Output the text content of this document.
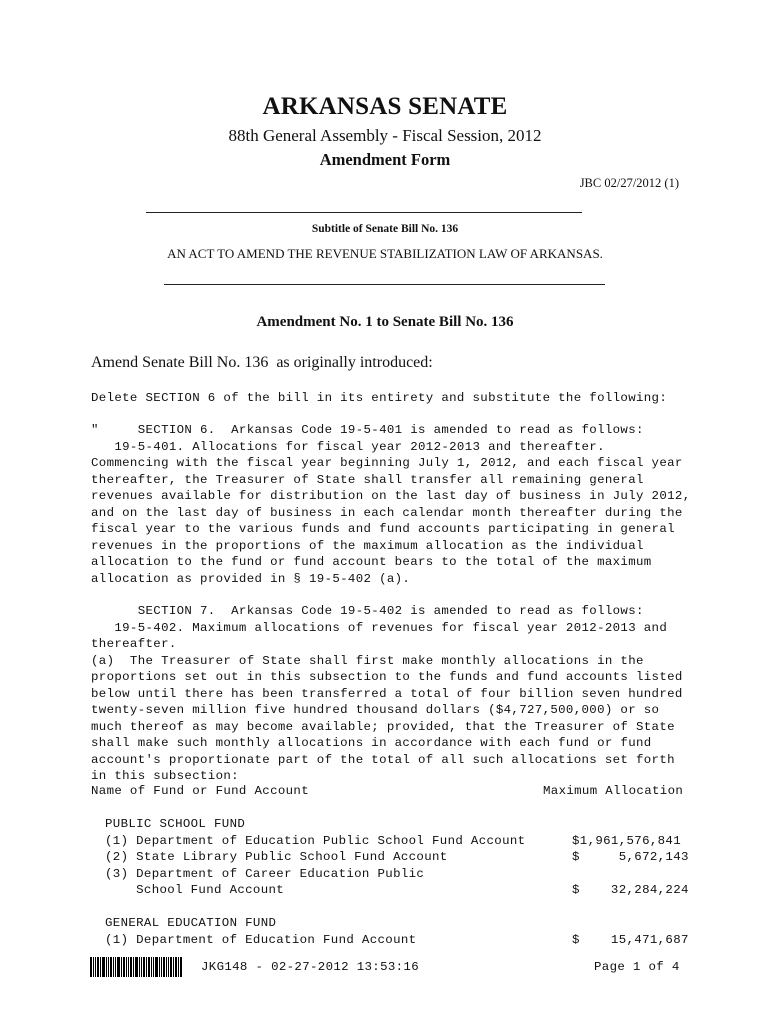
ARKANSAS SENATE
88th General Assembly - Fiscal Session, 2012
Amendment Form
JBC 02/27/2012 (1)
Subtitle of Senate Bill No. 136
AN ACT TO AMEND THE REVENUE STABILIZATION LAW OF ARKANSAS.
Amendment No. 1 to Senate Bill No. 136
Amend Senate Bill No. 136  as originally introduced:
Delete SECTION 6 of the bill in its entirety and substitute the following:
"     SECTION 6.  Arkansas Code 19-5-401 is amended to read as follows:
19-5-401. Allocations for fiscal year 2012-2013 and thereafter.
Commencing with the fiscal year beginning July 1, 2012, and each fiscal year
thereafter, the Treasurer of State shall transfer all remaining general
revenues available for distribution on the last day of business in July 2012,
and on the last day of business in each calendar month thereafter during the
fiscal year to the various funds and fund accounts participating in general
revenues in the proportions of the maximum allocation as the individual
allocation to the fund or fund account bears to the total of the maximum
allocation as provided in § 19-5-402 (a).
SECTION 7.  Arkansas Code 19-5-402 is amended to read as follows:
19-5-402. Maximum allocations of revenues for fiscal year 2012-2013 and
thereafter.
(a)  The Treasurer of State shall first make monthly allocations in the
proportions set out in this subsection to the funds and fund accounts listed
below until there has been transferred a total of four billion seven hundred
twenty-seven million five hundred thousand dollars ($4,727,500,000) or so
much thereof as may become available; provided, that the Treasurer of State
shall make such monthly allocations in accordance with each fund or fund
account's proportionate part of the total of all such allocations set forth
in this subsection:
Name of Fund or Fund Account	Maximum Allocation
PUBLIC SCHOOL FUND
(1) Department of Education Public School Fund Account	$1,961,576,841
(2) State Library Public School Fund Account	$     5,672,143
(3) Department of Career Education Public
School Fund Account	$    32,284,224
GENERAL EDUCATION FUND
(1) Department of Education Fund Account	$    15,471,687
JKG148 - 02-27-2012 13:53:16	Page 1 of 4
